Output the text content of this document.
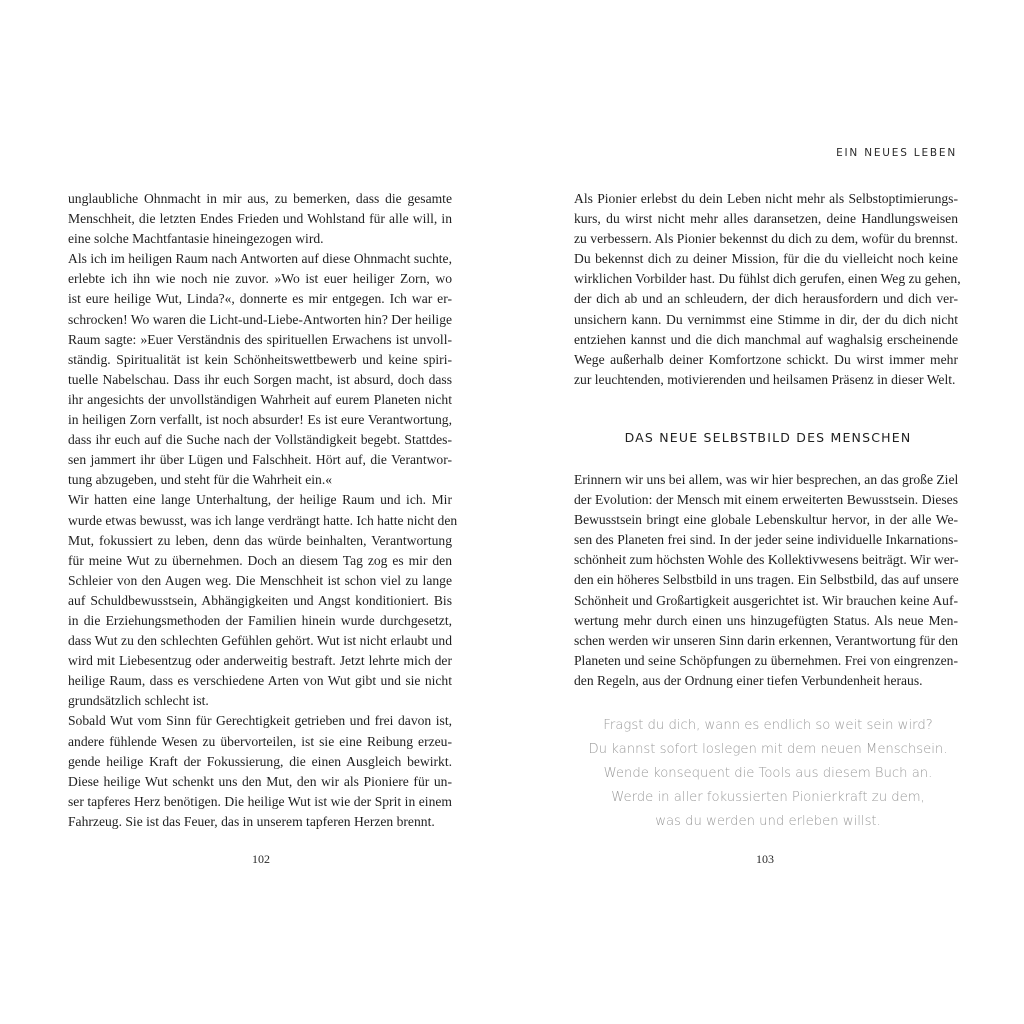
unglaubliche Ohnmacht in mir aus, zu bemerken, dass die gesamte
Menschheit, die letzten Endes Frieden und Wohlstand für alle will, in
eine solche Machtfantasie hineingezogen wird.
Als ich im heiligen Raum nach Antworten auf diese Ohnmacht suchte,
erlebte ich ihn wie noch nie zuvor. »Wo ist euer heiliger Zorn, wo
ist eure heilige Wut, Linda?«, donnerte es mir entgegen. Ich war er-
schrocken! Wo waren die Licht-und-Liebe-Antworten hin? Der heilige
Raum sagte: »Euer Verständnis des spirituellen Erwachens ist unvoll-
ständig. Spiritualität ist kein Schönheitswettbewerb und keine spiri-
tuelle Nabelschau. Dass ihr euch Sorgen macht, ist absurd, doch dass
ihr angesichts der unvollständigen Wahrheit auf eurem Planeten nicht
in heiligen Zorn verfallt, ist noch absurder! Es ist eure Verantwortung,
dass ihr euch auf die Suche nach der Vollständigkeit begebt. Stattdes-
sen jammert ihr über Lügen und Falschheit. Hört auf, die Verantwor-
tung abzugeben, und steht für die Wahrheit ein.«
Wir hatten eine lange Unterhaltung, der heilige Raum und ich. Mir
wurde etwas bewusst, was ich lange verdrängt hatte. Ich hatte nicht den
Mut, fokussiert zu leben, denn das würde beinhalten, Verantwortung
für meine Wut zu übernehmen. Doch an diesem Tag zog es mir den
Schleier von den Augen weg. Die Menschheit ist schon viel zu lange
auf Schuldbewusstsein, Abhängigkeiten und Angst konditioniert. Bis
in die Erziehungsmethoden der Familien hinein wurde durchgesetzt,
dass Wut zu den schlechten Gefühlen gehört. Wut ist nicht erlaubt und
wird mit Liebesentzug oder anderweitig bestraft. Jetzt lehrte mich der
heilige Raum, dass es verschiedene Arten von Wut gibt und sie nicht
grundsätzlich schlecht ist.
Sobald Wut vom Sinn für Gerechtigkeit getrieben und frei davon ist,
andere fühlende Wesen zu übervorteilen, ist sie eine Reibung erzeu-
gende heilige Kraft der Fokussierung, die einen Ausgleich bewirkt.
Diese heilige Wut schenkt uns den Mut, den wir als Pioniere für un-
ser tapferes Herz benötigen. Die heilige Wut ist wie der Sprit in einem
Fahrzeug. Sie ist das Feuer, das in unserem tapferen Herzen brennt.
102
EIN NEUES LEBEN
Als Pionier erlebst du dein Leben nicht mehr als Selbstoptimierungs-
kurs, du wirst nicht mehr alles daransetzen, deine Handlungsweisen
zu verbessern. Als Pionier bekennst du dich zu dem, wofür du brennst.
Du bekennst dich zu deiner Mission, für die du vielleicht noch keine
wirklichen Vorbilder hast. Du fühlst dich gerufen, einen Weg zu gehen,
der dich ab und an schleudern, der dich herausfordern und dich ver-
unsichern kann. Du vernimmst eine Stimme in dir, der du dich nicht
entziehen kannst und die dich manchmal auf waghalsig erscheinende
Wege außerhalb deiner Komfortzone schickt. Du wirst immer mehr
zur leuchtenden, motivierenden und heilsamen Präsenz in dieser Welt.
DAS NEUE SELBSTBILD DES MENSCHEN
Erinnern wir uns bei allem, was wir hier besprechen, an das große Ziel
der Evolution: der Mensch mit einem erweiterten Bewusstsein. Dieses
Bewusstsein bringt eine globale Lebenskultur hervor, in der alle We-
sen des Planeten frei sind. In der jeder seine individuelle Inkarnations-
schönheit zum höchsten Wohle des Kollektivwesens beiträgt. Wir wer-
den ein höheres Selbstbild in uns tragen. Ein Selbstbild, das auf unsere
Schönheit und Großartigkeit ausgerichtet ist. Wir brauchen keine Auf-
wertung mehr durch einen uns hinzugefügten Status. Als neue Men-
schen werden wir unseren Sinn darin erkennen, Verantwortung für den
Planeten und seine Schöpfungen zu übernehmen. Frei von eingrenzen-
den Regeln, aus der Ordnung einer tiefen Verbundenheit heraus.
Fragst du dich, wann es endlich so weit sein wird?
Du kannst sofort loslegen mit dem neuen Menschsein.
Wende konsequent die Tools aus diesem Buch an.
Werde in aller fokussierten Pionierkraft zu dem,
was du werden und erleben willst.
103
